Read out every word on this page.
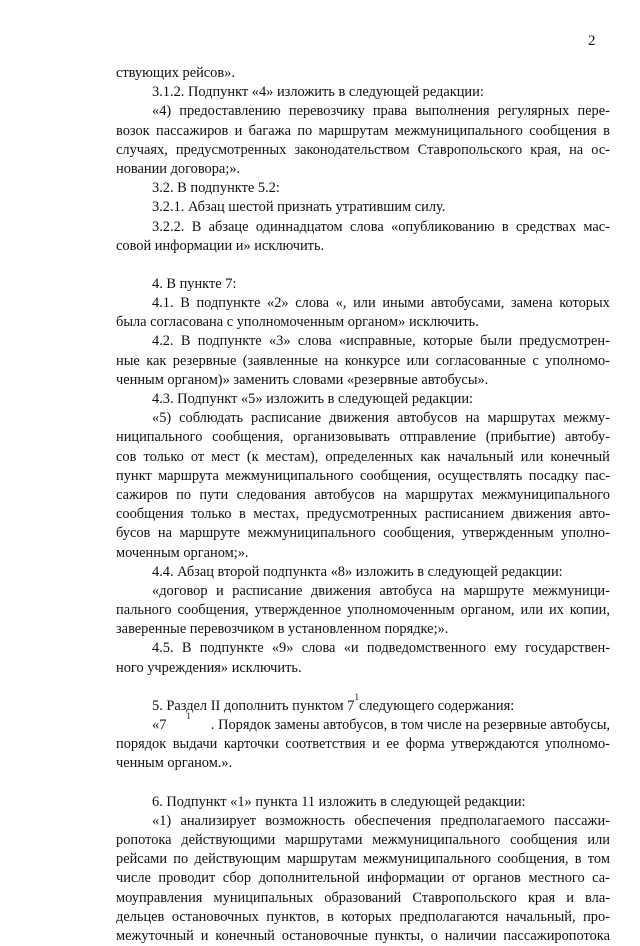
2
ствующих рейсов».
3.1.2. Подпункт «4» изложить в следующей редакции:
«4) предоставлению перевозчику права выполнения регулярных пере-
возок пассажиров и багажа по маршрутам межмуниципального сообщения в
случаях, предусмотренных законодательством Ставропольского края, на ос-
новании договора;».
3.2. В подпункте 5.2:
3.2.1. Абзац шестой признать утратившим силу.
3.2.2. В абзаце одиннадцатом слова «опубликованию в средствах мас-
совой информации и» исключить.
4. В пункте 7:
4.1. В подпункте «2» слова «, или иными автобусами, замена которых
была согласована с уполномоченным органом» исключить.
4.2. В подпункте «3» слова «исправные, которые были предусмотрен-
ные как резервные (заявленные на конкурсе или согласованные с уполномо-
ченным органом)» заменить словами «резервные автобусы».
4.3. Подпункт «5» изложить в следующей редакции:
«5) соблюдать расписание движения автобусов на маршрутах межму-
ниципального сообщения, организовывать отправление (прибытие) автобу-
сов только от мест (к местам), определенных как начальный или конечный
пункт маршрута межмуниципального сообщения, осуществлять посадку пас-
сажиров по пути следования автобусов на маршрутах межмуниципального
сообщения только в местах, предусмотренных расписанием движения авто-
бусов на маршруте межмуниципального сообщения, утвержденным уполно-
моченным органом;».
4.4. Абзац второй подпункта «8» изложить в следующей редакции:
«договор и расписание движения автобуса на маршруте межмуници-
пального сообщения, утвержденное уполномоченным органом, или их копии,
заверенные перевозчиком в установленном порядке;».
4.5. В подпункте «9» слова «и подведомственного ему государствен-
ного учреждения» исключить.
5. Раздел II дополнить пунктом 7
1
следующего содержания:
«7
1
. Порядок замены автобусов, в том числе на резервные автобусы,
порядок выдачи карточки соответствия и ее форма утверждаются уполномо-
ченным органом.».
6. Подпункт «1» пункта 11 изложить в следующей редакции:
«1) анализирует возможность обеспечения предполагаемого пассажи-
ропотока действующими маршрутами межмуниципального сообщения или
рейсами по действующим маршрутам межмуниципального сообщения, в том
числе проводит сбор дополнительной информации от органов местного са-
моуправления муниципальных образований Ставропольского края и вла-
дельцев остановочных пунктов, в которых предполагаются начальный, про-
межуточный и конечный остановочные пункты, о наличии пассажиропотока
